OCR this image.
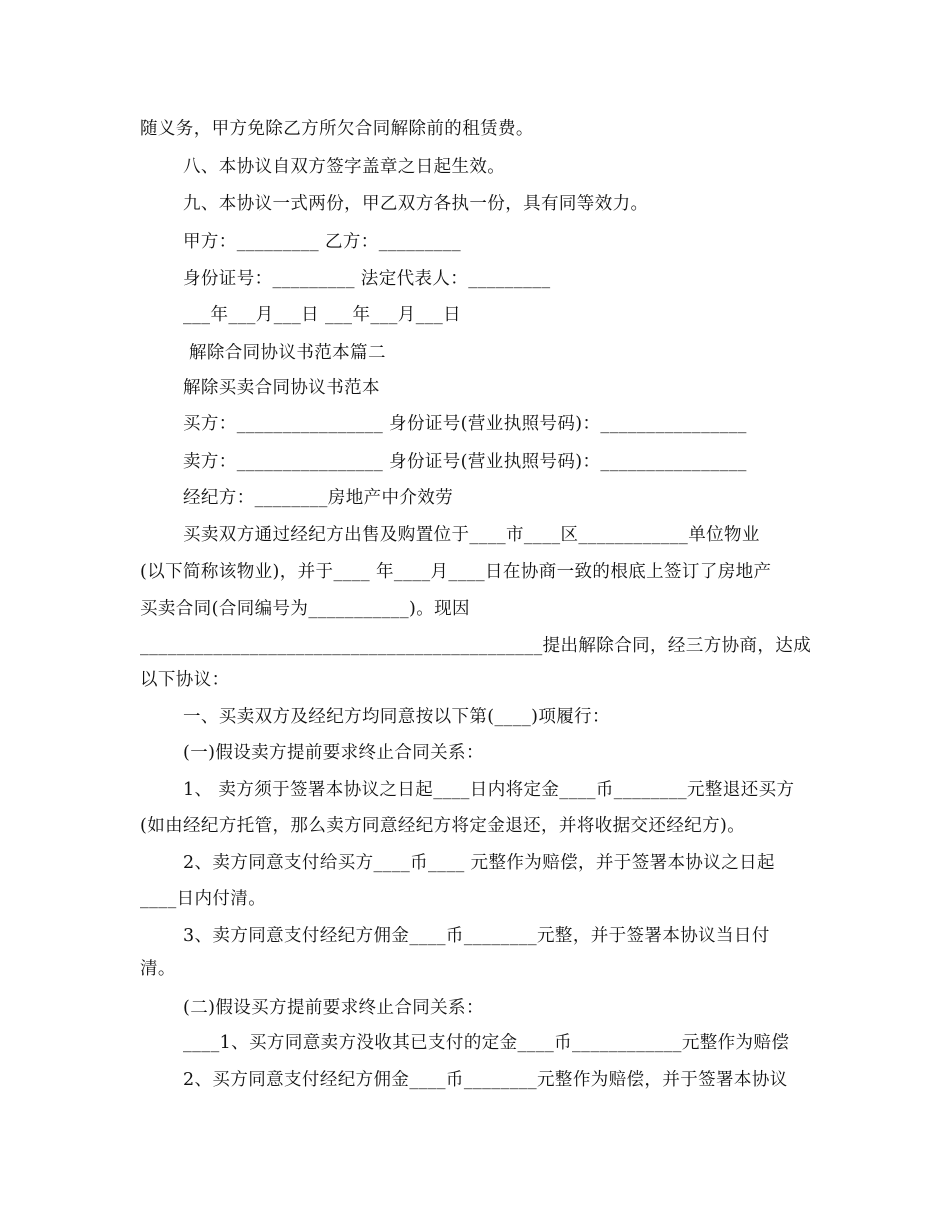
随义务，甲方免除乙方所欠合同解除前的租赁费。
八、本协议自双方签字盖章之日起生效。
九、本协议一式两份，甲乙双方各执一份，具有同等效力。
甲方：_________ 乙方：_________
身份证号：_________ 法定代表人：_________
___年___月___日 ___年___月___日
解除合同协议书范本篇二
解除买卖合同协议书范本
买方：________________ 身份证号(营业执照号码)：________________
卖方：________________ 身份证号(营业执照号码)：________________
经纪方：________房地产中介效劳
买卖双方通过经纪方出售及购置位于____市____区____________单位物业
(以下简称该物业)，并于____ 年____月____日在协商一致的根底上签订了房地产
买卖合同(合同编号为___________)。现因
____________________________________________提出解除合同，经三方协商，达成
以下协议：
一、买卖双方及经纪方均同意按以下第(____)项履行：
(一)假设卖方提前要求终止合同关系：
1、 卖方须于签署本协议之日起____日内将定金____币________元整退还买方
(如由经纪方托管，那么卖方同意经纪方将定金退还，并将收据交还经纪方)。
2、卖方同意支付给买方____币____ 元整作为赔偿，并于签署本协议之日起
____日内付清。
3、卖方同意支付经纪方佣金____币________元整，并于签署本协议当日付
清。
(二)假设买方提前要求终止合同关系：
____1、买方同意卖方没收其已支付的定金____币____________元整作为赔偿
2、买方同意支付经纪方佣金____币________元整作为赔偿，并于签署本协议
